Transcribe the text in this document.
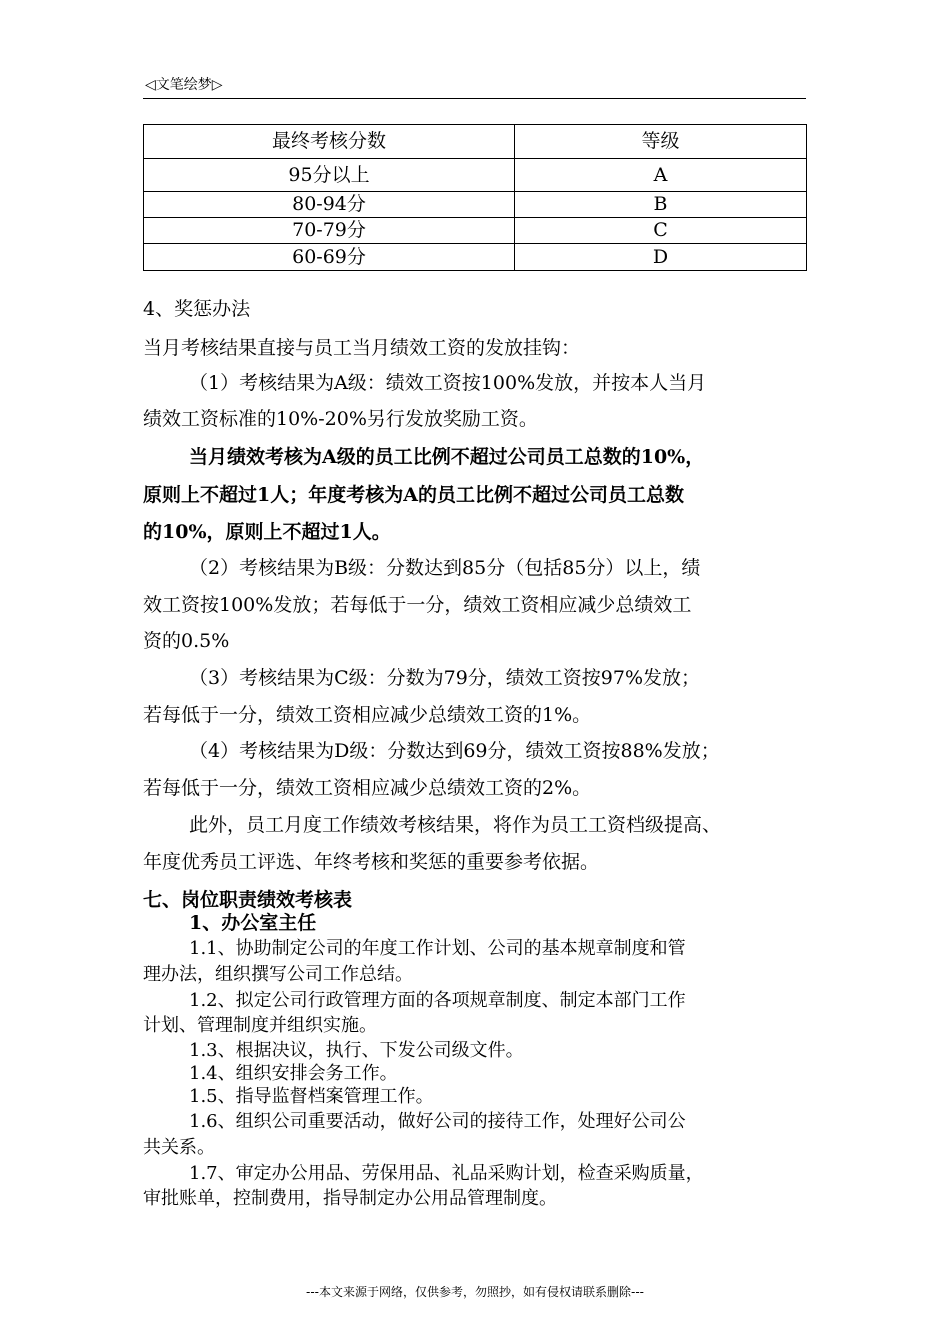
◁文笔绘梦▷
最终考核分数	等级
95分以上	A
80-94分	B
70-79分	C
60-69分	D
4、奖惩办法
当月考核结果直接与员工当月绩效工资的发放挂钩：
（1）考核结果为A级：绩效工资按100%发放，并按本人当月
绩效工资标准的10%-20%另行发放奖励工资。
当月绩效考核为A级的员工比例不超过公司员工总数的10%，
原则上不超过1人；年度考核为A的员工比例不超过公司员工总数
的10%，原则上不超过1人。
（2）考核结果为B级：分数达到85分（包括85分）以上，绩
效工资按100%发放；若每低于一分，绩效工资相应减少总绩效工
资的0.5%
（3）考核结果为C级：分数为79分，绩效工资按97%发放；
若每低于一分，绩效工资相应减少总绩效工资的1%。
（4）考核结果为D级：分数达到69分，绩效工资按88%发放；
若每低于一分，绩效工资相应减少总绩效工资的2%。
此外，员工月度工作绩效考核结果，将作为员工工资档级提高、
年度优秀员工评选、年终考核和奖惩的重要参考依据。
七、岗位职责绩效考核表
1、办公室主任
1.1、协助制定公司的年度工作计划、公司的基本规章制度和管
理办法，组织撰写公司工作总结。
1.2、拟定公司行政管理方面的各项规章制度、制定本部门工作
计划、管理制度并组织实施。
1.3、根据决议，执行、下发公司级文件。
1.4、组织安排会务工作。
1.5、指导监督档案管理工作。
1.6、组织公司重要活动，做好公司的接待工作，处理好公司公
共关系。
1.7、审定办公用品、劳保用品、礼品采购计划，检查采购质量，
审批账单，控制费用，指导制定办公用品管理制度。
---本文来源于网络，仅供参考，勿照抄，如有侵权请联系删除---
